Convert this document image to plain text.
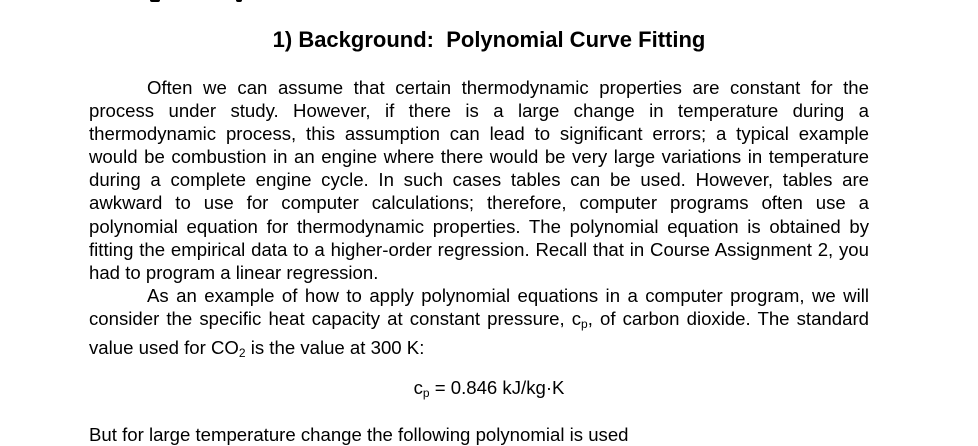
1) Background:  Polynomial Curve Fitting

Often we can assume that certain thermodynamic properties are constant for the process under study. However, if there is a large change in temperature during a thermodynamic process, this assumption can lead to significant errors; a typical example would be combustion in an engine where there would be very large variations in temperature during a complete engine cycle. In such cases tables can be used. However, tables are awkward to use for computer calculations; therefore, computer programs often use a polynomial equation for thermodynamic properties. The polynomial equation is obtained by fitting the empirical data to a higher-order regression. Recall that in Course Assignment 2, you had to program a linear regression.

As an example of how to apply polynomial equations in a computer program, we will consider the specific heat capacity at constant pressure, $c_p$, of carbon dioxide. The standard value used for $CO_2$ is the value at 300 K:

$c_p = 0.846$ kJ/kg·K
But for large temperature change the following polynomial is used
